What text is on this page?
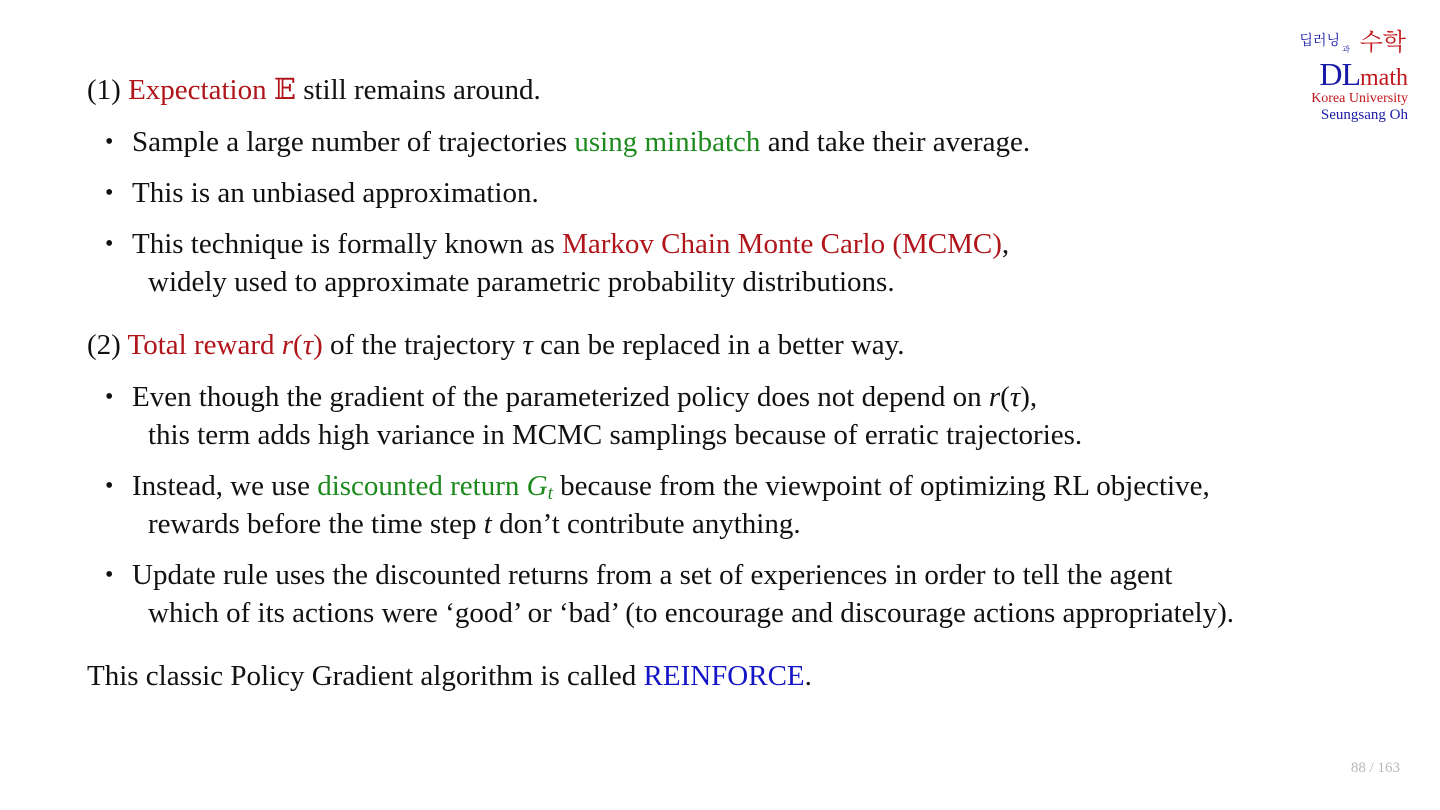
딥러닝
과 수학
DLmath
Korea University
Seungsang Oh

(1) Expectation 𝔼 still remains around.

• Sample a large number of trajectories using minibatch and take their average.
• This is an unbiased approximation.
• This technique is formally known as Markov Chain Monte Carlo (MCMC),
widely used to approximate parametric probability distributions.

(2) Total reward r(τ) of the trajectory τ can be replaced in a better way.

• Even though the gradient of the parameterized policy does not depend on r(τ),
this term adds high variance in MCMC samplings because of erratic trajectories.
• Instead, we use discounted return $G_t$ because from the viewpoint of optimizing RL objective,
rewards before the time step t don’t contribute anything.
• Update rule uses the discounted returns from a set of experiences in order to tell the agent
which of its actions were ‘good’ or ‘bad’ (to encourage and discourage actions appropriately).

This classic Policy Gradient algorithm is called REINFORCE.

88 / 163
